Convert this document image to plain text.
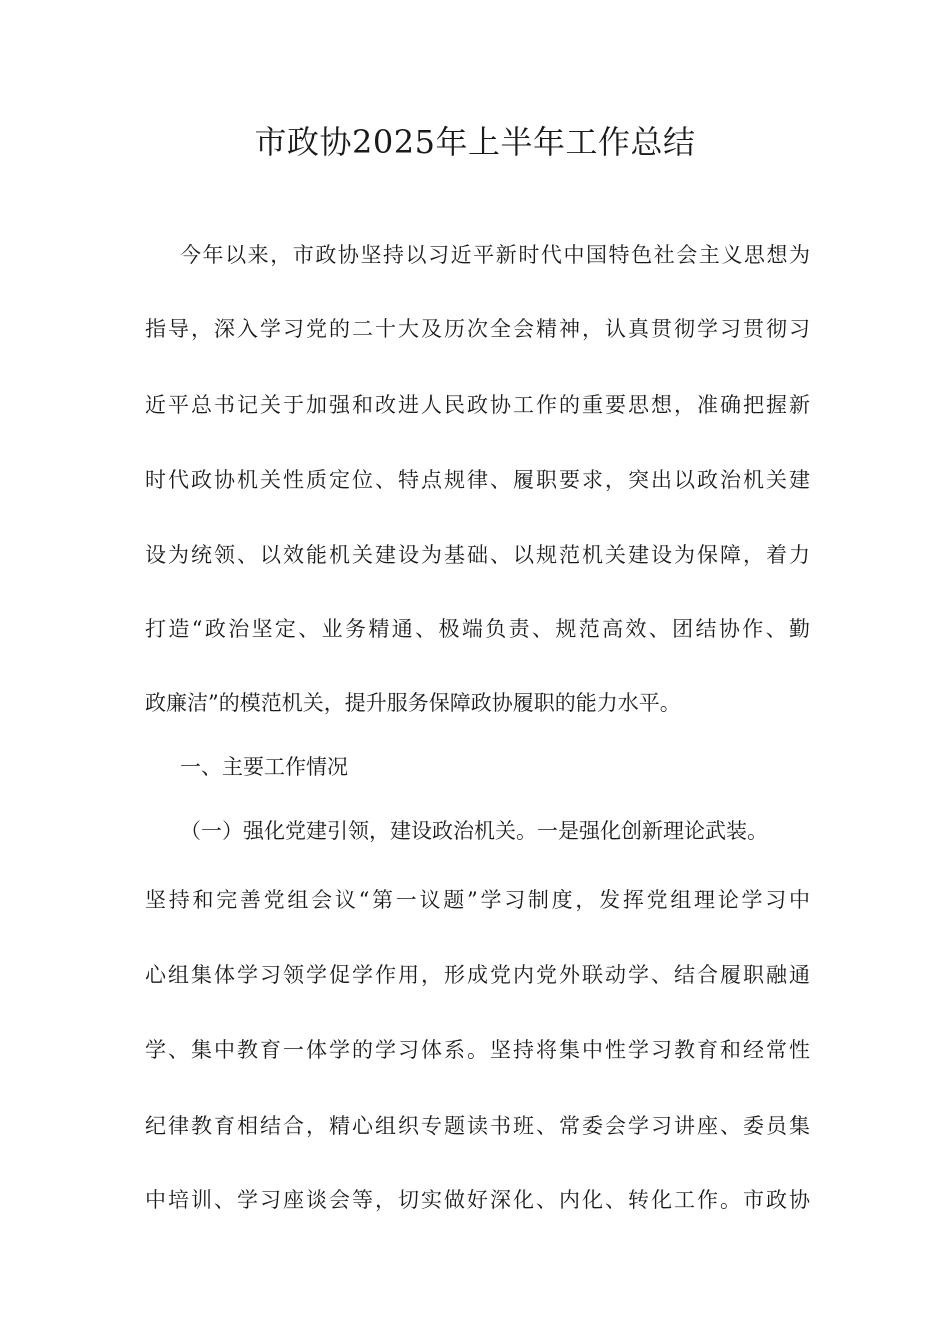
市政协2025年上半年工作总结
今年以来，市政协坚持以习近平新时代中国特色社会主义思想为
指导，深入学习党的二十大及历次全会精神，认真贯彻学习贯彻习
近平总书记关于加强和改进人民政协工作的重要思想，准确把握新
时代政协机关性质定位、特点规律、履职要求，突出以政治机关建
设为统领、以效能机关建设为基础、以规范机关建设为保障，着力
打造“政治坚定、业务精通、极端负责、规范高效、团结协作、勤
政廉洁”的模范机关，提升服务保障政协履职的能力水平。
一、主要工作情况
（一）强化党建引领，建设政治机关。一是强化创新理论武装。
坚持和完善党组会议“第一议题”学习制度，发挥党组理论学习中
心组集体学习领学促学作用，形成党内党外联动学、结合履职融通
学、集中教育一体学的学习体系。坚持将集中性学习教育和经常性
纪律教育相结合，精心组织专题读书班、常委会学习讲座、委员集
中培训、学习座谈会等，切实做好深化、内化、转化工作。市政协
